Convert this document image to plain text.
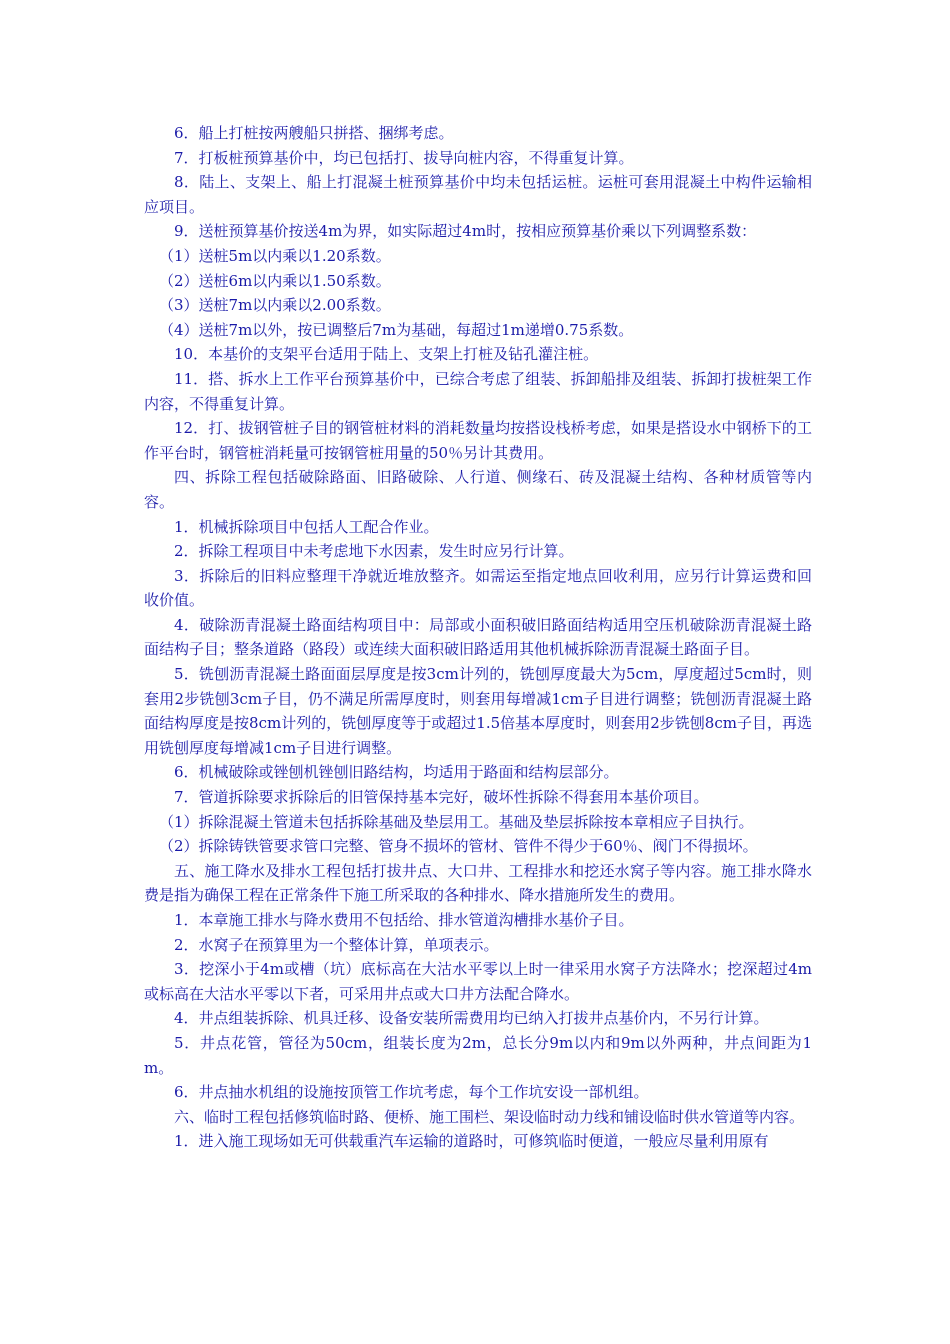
6．船上打桩按两艘船只拼搭、捆绑考虑。

7．打板桩预算基价中，均已包括打、拔导向桩内容，不得重复计算。

8．陆上、支架上、船上打混凝土桩预算基价中均未包括运桩。运桩可套用混凝土中构件运输相应项目。

9．送桩预算基价按送4m为界，如实际超过4m时，按相应预算基价乘以下列调整系数：

（1）送桩5m以内乘以1.20系数。

（2）送桩6m以内乘以1.50系数。

（3）送桩7m以内乘以2.00系数。

（4）送桩7m以外，按已调整后7m为基础，每超过1m递增0.75系数。

10．本基价的支架平台适用于陆上、支架上打桩及钻孔灌注桩。

11．搭、拆水上工作平台预算基价中，已综合考虑了组装、拆卸船排及组装、拆卸打拔桩架工作内容，不得重复计算。

12．打、拔钢管桩子目的钢管桩材料的消耗数量均按搭设栈桥考虑，如果是搭设水中钢桥下的工作平台时，钢管桩消耗量可按钢管桩用量的50％另计其费用。

四、拆除工程包括破除路面、旧路破除、人行道、侧缘石、砖及混凝土结构、各种材质管等内容。

1．机械拆除项目中包括人工配合作业。

2．拆除工程项目中未考虑地下水因素，发生时应另行计算。

3．拆除后的旧料应整理干净就近堆放整齐。如需运至指定地点回收利用，应另行计算运费和回收价值。

4．破除沥青混凝土路面结构项目中：局部或小面积破旧路面结构适用空压机破除沥青混凝土路面结构子目；整条道路（路段）或连续大面积破旧路适用其他机械拆除沥青混凝土路面子目。

5．铣刨沥青混凝土路面面层厚度是按3cm计列的，铣刨厚度最大为5cm，厚度超过5cm时，则套用2步铣刨3cm子目，仍不满足所需厚度时，则套用每增减1cm子目进行调整；铣刨沥青混凝土路面结构厚度是按8cm计列的，铣刨厚度等于或超过1.5倍基本厚度时，则套用2步铣刨8cm子目，再选用铣刨厚度每增减1cm子目进行调整。

6．机械破除或锉刨机锉刨旧路结构，均适用于路面和结构层部分。

7．管道拆除要求拆除后的旧管保持基本完好，破坏性拆除不得套用本基价项目。

（1）拆除混凝土管道未包括拆除基础及垫层用工。基础及垫层拆除按本章相应子目执行。

（2）拆除铸铁管要求管口完整、管身不损坏的管材、管件不得少于60％、阀门不得损坏。

五、施工降水及排水工程包括打拔井点、大口井、工程排水和挖还水窝子等内容。施工排水降水费是指为确保工程在正常条件下施工所采取的各种排水、降水措施所发生的费用。

1．本章施工排水与降水费用不包括给、排水管道沟槽排水基价子目。

2．水窝子在预算里为一个整体计算，单项表示。

3．挖深小于4m或槽（坑）底标高在大沽水平零以上时一律采用水窝子方法降水；挖深超过4m或标高在大沽水平零以下者，可采用井点或大口井方法配合降水。

4．井点组装拆除、机具迁移、设备安装所需费用均已纳入打拔井点基价内，不另行计算。

5．井点花管，管径为50cm，组装长度为2m，总长分9m以内和9m以外两种，井点间距为1m。

6．井点抽水机组的设施按顶管工作坑考虑，每个工作坑安设一部机组。

六、临时工程包括修筑临时路、便桥、施工围栏、架设临时动力线和铺设临时供水管道等内容。

1．进入施工现场如无可供载重汽车运输的道路时，可修筑临时便道，一般应尽量利用原有
